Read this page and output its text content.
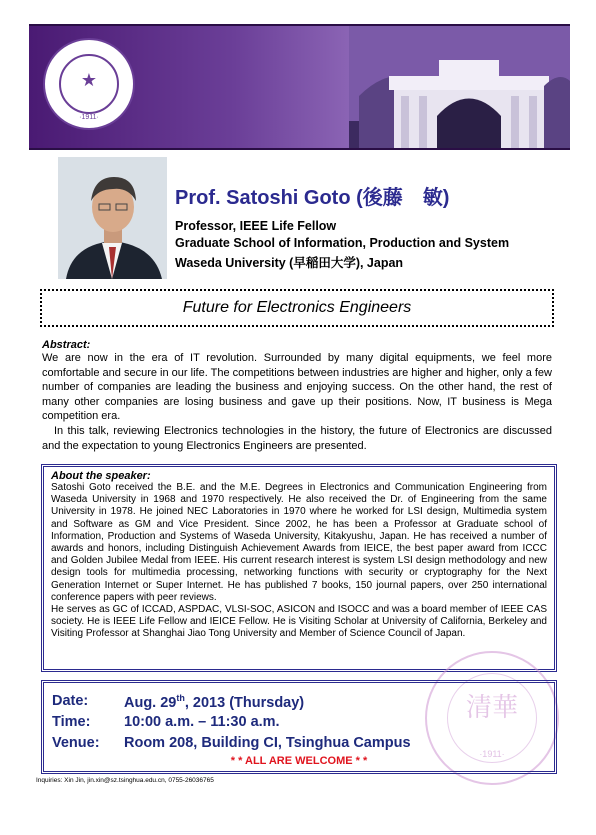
★
·1911·
Prof. Satoshi Goto (後藤　敏)
Professor, IEEE Life Fellow
Graduate School of Information, Production and System
Waseda University (早稲田大学), Japan
Future for Electronics Engineers
Abstract:

We are now in the era of IT revolution. Surrounded by many digital equipments, we feel more comfortable and secure in our life. The competitions between industries are higher and higher, only a few number of companies are leading the business and enjoying success. On the other hand, the rest of many other companies are losing business and gave up their positions. Now, IT business is Mega competition era.

In this talk, reviewing Electronics technologies in the history, the future of Electronics are discussed and the expectation to young Electronics Engineers are presented.

About the speaker:

Satoshi Goto received the B.E. and the M.E. Degrees in Electronics and Communication Engineering from Waseda University in 1968 and 1970 respectively. He also received the Dr. of Engineering from the same University in 1978. He joined NEC Laboratories in 1970 where he worked for LSI design, Multimedia system and Software as GM and Vice President. Since 2002, he has been a Professor at Graduate school of Information, Production and Systems of Waseda University, Kitakyushu, Japan. He has received a number of awards and honors, including Distinguish Achievement Awards from IEICE, the best paper award from ICCC and Golden Jubilee Medal from IEEE. His current research interest is system LSI design methodology and new design tools for multimedia processing, networking functions with security or cryptography for the Next Generation Internet or Super Internet. He has published 7 books, 150 journal papers, over 250 international conference papers with peer reviews.

He serves as GC of ICCAD, ASPDAC, VLSI-SOC, ASICON and ISOCC and was a board member of IEEE CAS society. He is IEEE Life Fellow and IEICE Fellow. He is Visiting Scholar at University of California, Berkeley and Visiting Professor at Shanghai Jiao Tong University and Member of Science Council of Japan.

清華
·1911·
Date: Aug. 29th, 2013 (Thursday)
Time: 10:00 a.m. – 11:30 a.m.
Venue: Room 208, Building CI, Tsinghua Campus
* * ALL ARE WELCOME * *
Inquiries: Xin Jin, jin.xin@sz.tsinghua.edu.cn, 0755-26036765
